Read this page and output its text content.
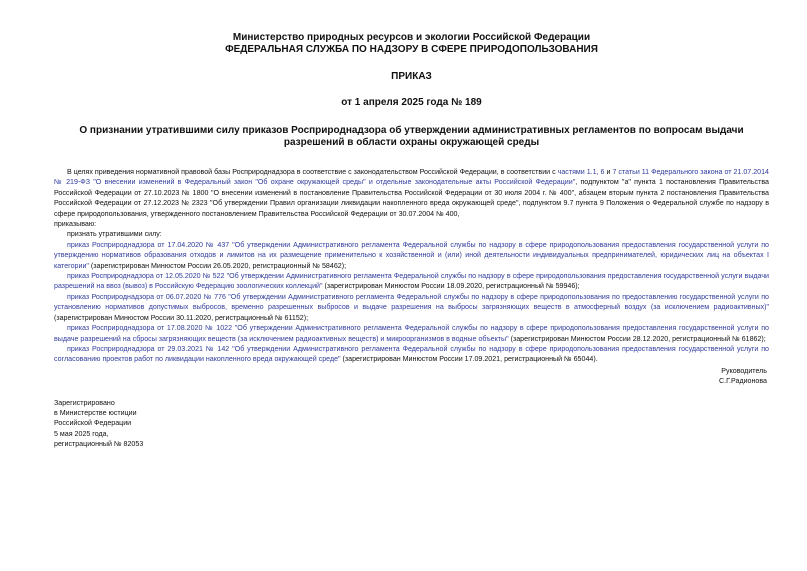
Министерство природных ресурсов и экологии Российской Федерации
ФЕДЕРАЛЬНАЯ СЛУЖБА ПО НАДЗОРУ В СФЕРЕ ПРИРОДОПОЛЬЗОВАНИЯ
ПРИКАЗ
от 1 апреля 2025 года № 189
О признании утратившими силу приказов Росприроднадзора об утверждении административных регламентов по вопросам выдачи разрешений в области охраны окружающей среды

В целях приведения нормативной правовой базы Росприроднадзора в соответствие с законодательством Российской Федерации, в соответствии с частями 1.1, 6 и 7 статьи 11 Федерального закона от 21.07.2014 № 219-ФЗ "О внесении изменений в Федеральный закон "Об охране окружающей среды" и отдельные законодательные акты Российской Федерации", подпунктом "а" пункта 1 постановления Правительства Российской Федерации от 27.10.2023 № 1800 "О внесении изменений в постановление Правительства Российской Федерации от 30 июля 2004 г. № 400", абзацем вторым пункта 2 постановления Правительства Российской Федерации от 27.12.2023 № 2323 "Об утверждении Правил организации ликвидации накопленного вреда окружающей среде", подпунктом 9.7 пункта 9 Положения о Федеральной службе по надзору в сфере природопользования, утвержденного постановлением Правительства Российской Федерации от 30.07.2004 № 400,

приказываю:

признать утратившими силу:

приказ Росприроднадзора от 17.04.2020 № 437 "Об утверждении Административного регламента Федеральной службы по надзору в сфере природопользования предоставления государственной услуги по утверждению нормативов образования отходов и лимитов на их размещение применительно к хозяйственной и (или) иной деятельности индивидуальных предпринимателей, юридических лиц на объектах I категории" (зарегистрирован Минюстом России 26.05.2020, регистрационный № 58462);

приказ Росприроднадзора от 12.05.2020 № 522 "Об утверждении Административного регламента Федеральной службы по надзору в сфере природопользования предоставления государственной услуги выдачи разрешений на ввоз (вывоз) в Российскую Федерацию зоологических коллекций" (зарегистрирован Минюстом России 18.09.2020, регистрационный № 59946);

приказ Росприроднадзора от 06.07.2020 № 776 "Об утверждении Административного регламента Федеральной службы по надзору в сфере природопользования по предоставлению государственной услуги по установлению нормативов допустимых выбросов, временно разрешенных выбросов и выдаче разрешения на выбросы загрязняющих веществ в атмосферный воздух (за исключением радиоактивных)" (зарегистрирован Минюстом России 30.11.2020, регистрационный № 61152);

приказ Росприроднадзора от 17.08.2020 № 1022 "Об утверждении Административного регламента Федеральной службы по надзору в сфере природопользования предоставления государственной услуги по выдаче разрешений на сбросы загрязняющих веществ (за исключением радиоактивных веществ) и микроорганизмов в водные объекты" (зарегистрирован Минюстом России 28.12.2020, регистрационный № 61862);

приказ Росприроднадзора от 29.03.2021 № 142 "Об утверждении Административного регламента Федеральной службы по надзору в сфере природопользования предоставления государственной услуги по согласованию проектов работ по ликвидации накопленного вреда окружающей среде" (зарегистрирован Минюстом России 17.09.2021, регистрационный № 65044).

Руководитель
С.Г.Радионова
Зарегистрировано
в Министерстве юстиции
Российской Федерации
5 мая 2025 года,
регистрационный № 82053
